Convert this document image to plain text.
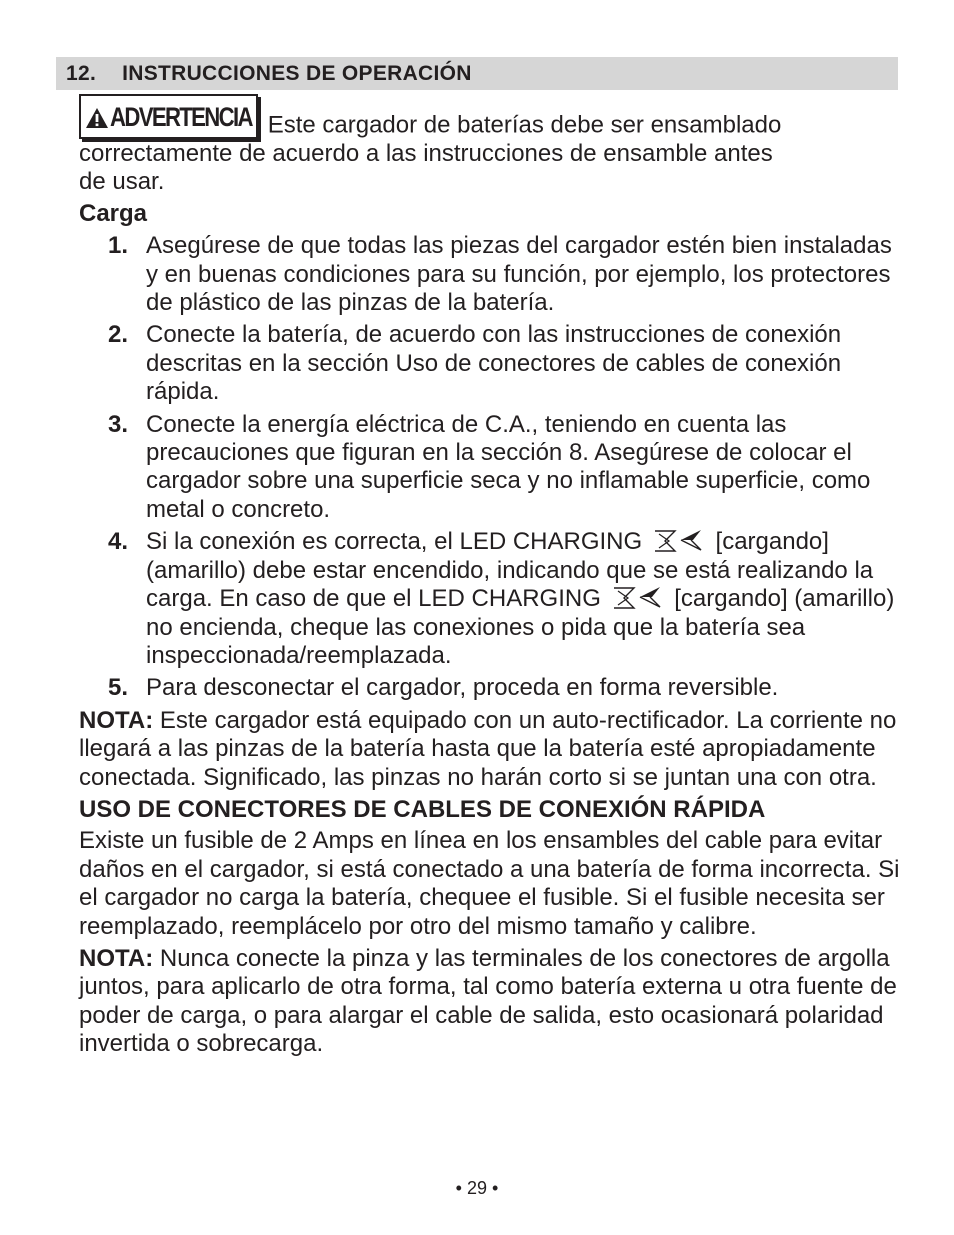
12. INSTRUCCIONES DE OPERACIÓN

ADVERTENCIA Este cargador de baterías debe ser ensamblado
correctamente de acuerdo a las instrucciones de ensamble antes de usar.

Carga

1. Asegúrese de que todas las piezas del cargador estén bien instaladas y en buenas condiciones para su función, por ejemplo, los protectores de plástico de las pinzas de la batería.
2. Conecte la batería, de acuerdo con las instrucciones de conexión descritas en la sección Uso de conectores de cables de conexión rápida.
3. Conecte la energía eléctrica de C.A., teniendo en cuenta las precauciones que figuran en la sección 8. Asegúrese de colocar el cargador sobre una superficie seca y no inflamable superficie, como metal o concreto.
4. Si la conexión es correcta, el LED CHARGING	[cargando] (amarillo) debe estar encendido, indicando que se está realizando la carga. En caso de que el LED CHARGING	[cargando] (amarillo) no encienda, cheque las conexiones o pida que la batería sea inspeccionada/reemplazada.
5. Para desconectar el cargador, proceda en forma reversible.

NOTA: Este cargador está equipado con un auto-rectificador. La corriente no llegará a las pinzas de la batería hasta que la batería esté apropiadamente conectada. Significado, las pinzas no harán corto si se juntan una con otra.

USO DE CONECTORES DE CABLES DE CONEXIÓN RÁPIDA

Existe un fusible de 2 Amps en línea en los ensambles del cable para evitar daños en el cargador, si está conectado a una batería de forma incorrecta. Si el cargador no carga la batería, chequee el fusible. Si el fusible necesita ser reemplazado, reemplácelo por otro del mismo tamaño y calibre.

NOTA: Nunca conecte la pinza y las terminales de los conectores de argolla juntos, para aplicarlo de otra forma, tal como batería externa u otra fuente de poder de carga, o para alargar el cable de salida, esto ocasionará polaridad invertida o sobrecarga.

• 29 •
